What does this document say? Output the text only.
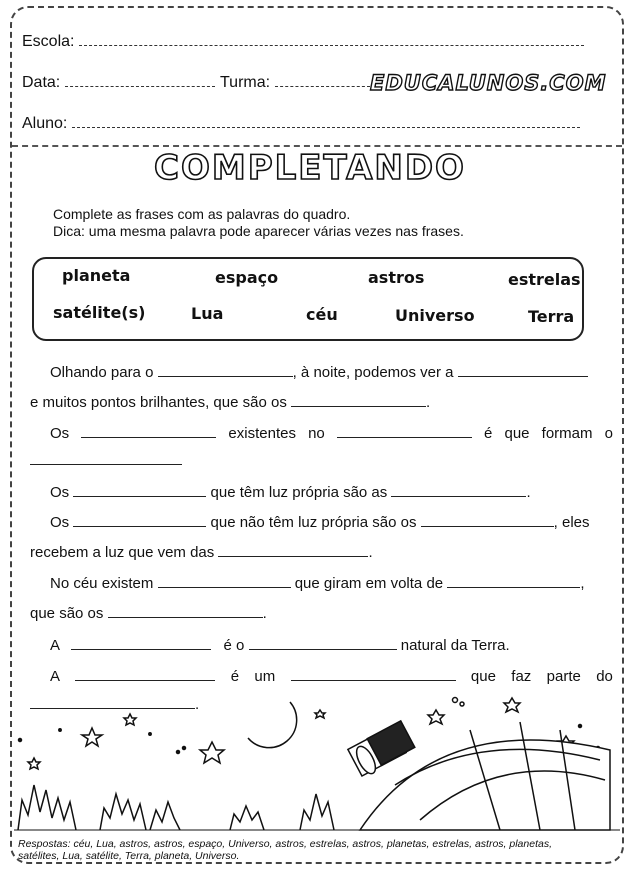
Escola:
Data:	Turma:	EDUCALUNOS.COM
Aluno:
COMPLETANDO
Complete as frases com as palavras do quadro.
Dica: uma mesma palavra pode aparecer várias vezes nas frases.
planeta	espaço	astros	estrelas
satélite(s)	Lua	céu	Universo	Terra
Olhando para o	, à noite, podemos ver a
e muitos pontos brilhantes, que são os	.
Os	existentes no	é que formam o
Os	que têm luz própria são as	.
Os	que não têm luz própria são os	, eles
recebem a luz que vem das	.
No céu existem	que giram em volta de	,
que são os	.
A	é o	natural da Terra.
A	é um	que faz parte do
.
Respostas: céu, Lua, astros, astros, espaço, Universo, astros, estrelas, astros, planetas, estrelas, astros, planetas,
satélites, Lua, satélite, Terra, planeta, Universo.
